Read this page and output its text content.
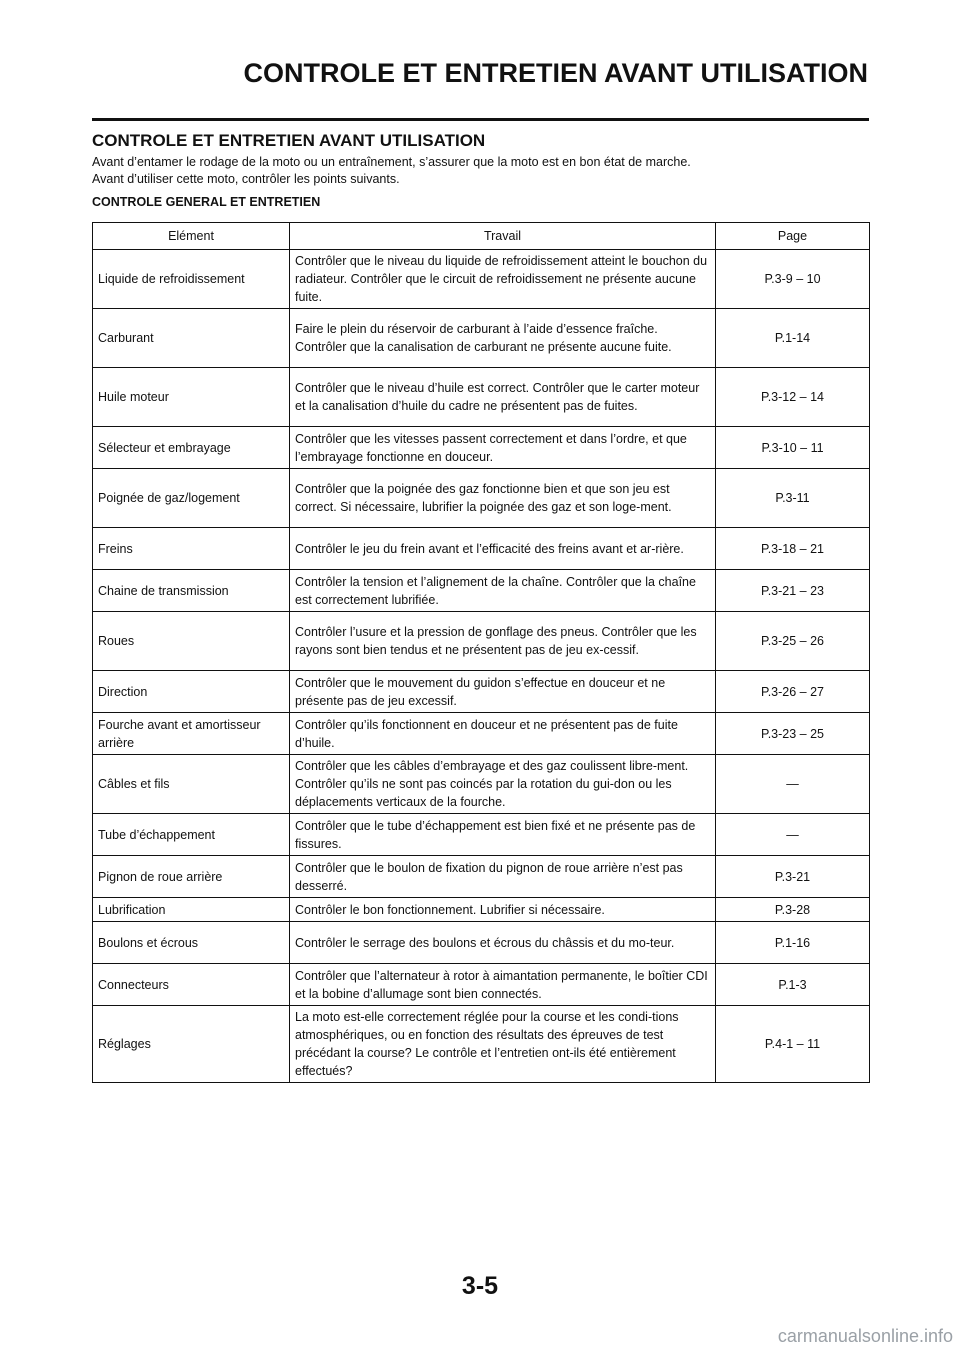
CONTROLE ET ENTRETIEN AVANT UTILISATION
CONTROLE ET ENTRETIEN AVANT UTILISATION

Avant d’entamer le rodage de la moto ou un entraînement, s’assurer que la moto est en bon état de marche.

Avant d’utiliser cette moto, contrôler les points suivants.

CONTROLE GENERAL ET ENTRETIEN

Elément	Travail	Page
Liquide de refroidissement	Contrôler que le niveau du liquide de refroidissement atteint le bouchon du radiateur. Contrôler que le circuit de refroidissement ne présente aucune fuite.	P.3-9 – 10
Carburant	Faire le plein du réservoir de carburant à l’aide d’essence fraîche. Contrôler que la canalisation de carburant ne présente aucune fuite.	P.1-14
Huile moteur	Contrôler que le niveau d’huile est correct. Contrôler que le carter moteur et la canalisation d’huile du cadre ne présentent pas de fuites.	P.3-12 – 14
Sélecteur et embrayage	Contrôler que les vitesses passent correctement et dans l’ordre, et que l’embrayage fonctionne en douceur.	P.3-10 – 11
Poignée de gaz/logement	Contrôler que la poignée des gaz fonctionne bien et que son jeu est correct. Si nécessaire, lubrifier la poignée des gaz et son loge-ment.	P.3-11
Freins	Contrôler le jeu du frein avant et l’efficacité des freins avant et ar-rière.	P.3-18 – 21
Chaine de transmission	Contrôler la tension et l’alignement de la chaîne. Contrôler que la chaîne est correctement lubrifiée.	P.3-21 – 23
Roues	Contrôler l’usure et la pression de gonflage des pneus. Contrôler que les rayons sont bien tendus et ne présentent pas de jeu ex-cessif.	P.3-25 – 26
Direction	Contrôler que le mouvement du guidon s’effectue en douceur et ne présente pas de jeu excessif.	P.3-26 – 27
Fourche avant et amortisseur arrière	Contrôler qu’ils fonctionnent en douceur et ne présentent pas de fuite d’huile.	P.3-23 – 25
Câbles et fils	Contrôler que les câbles d’embrayage et des gaz coulissent libre-ment. Contrôler qu’ils ne sont pas coincés par la rotation du gui-don ou les déplacements verticaux de la fourche.	—
Tube d’échappement	Contrôler que le tube d’échappement est bien fixé et ne présente pas de fissures.	—
Pignon de roue arrière	Contrôler que le boulon de fixation du pignon de roue arrière n’est pas desserré.	P.3-21
Lubrification	Contrôler le bon fonctionnement. Lubrifier si nécessaire.	P.3-28
Boulons et écrous	Contrôler le serrage des boulons et écrous du châssis et du mo-teur.	P.1-16
Connecteurs	Contrôler que l’alternateur à rotor à aimantation permanente, le boîtier CDI et la bobine d’allumage sont bien connectés.	P.1-3
Réglages	La moto est-elle correctement réglée pour la course et les condi-tions atmosphériques, ou en fonction des résultats des épreuves de test précédant la course? Le contrôle et l’entretien ont-ils été entièrement effectués?	P.4-1 – 11
3-5
carmanualsonline.info
